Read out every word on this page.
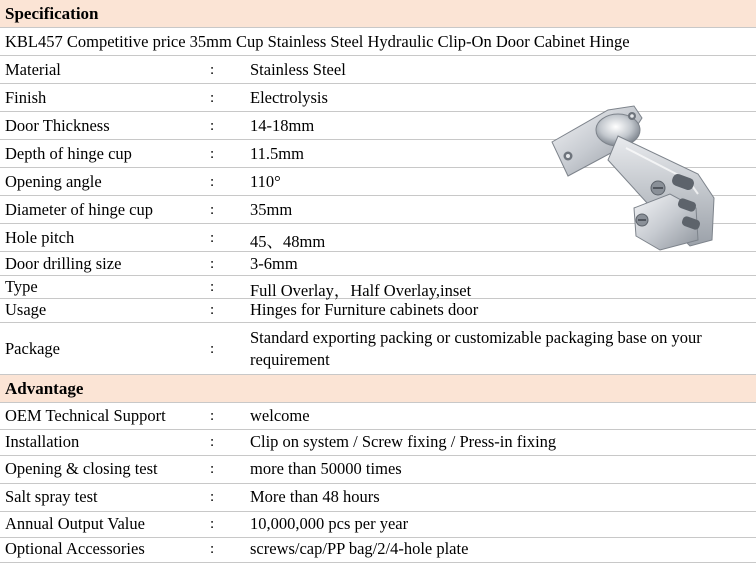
Specification
KBL457 Competitive price 35mm Cup Stainless Steel Hydraulic Clip-On Door Cabinet Hinge
Material	: Stainless Steel
Finish	: Electrolysis
Door Thickness	: 14-18mm
Depth of hinge cup	: 11.5mm
Opening angle	: 110°
Diameter of hinge cup	: 35mm
Hole pitch	: 45、48mm
Door drilling size	: 3-6mm
Type	: Full Overlay，Half Overlay,inset
Usage	: Hinges for Furniture cabinets door
Package	:
Standard exporting packing or customizable packaging base on your requirement
Advantage
OEM Technical Support	: welcome
Installation	: Clip on system / Screw fixing / Press-in fixing
Opening & closing test	: more than 50000 times
Salt spray test	: More than 48 hours
Annual Output Value	: 10,000,000 pcs per year
Optional Accessories	: screws/cap/PP bag/2/4-hole plate
